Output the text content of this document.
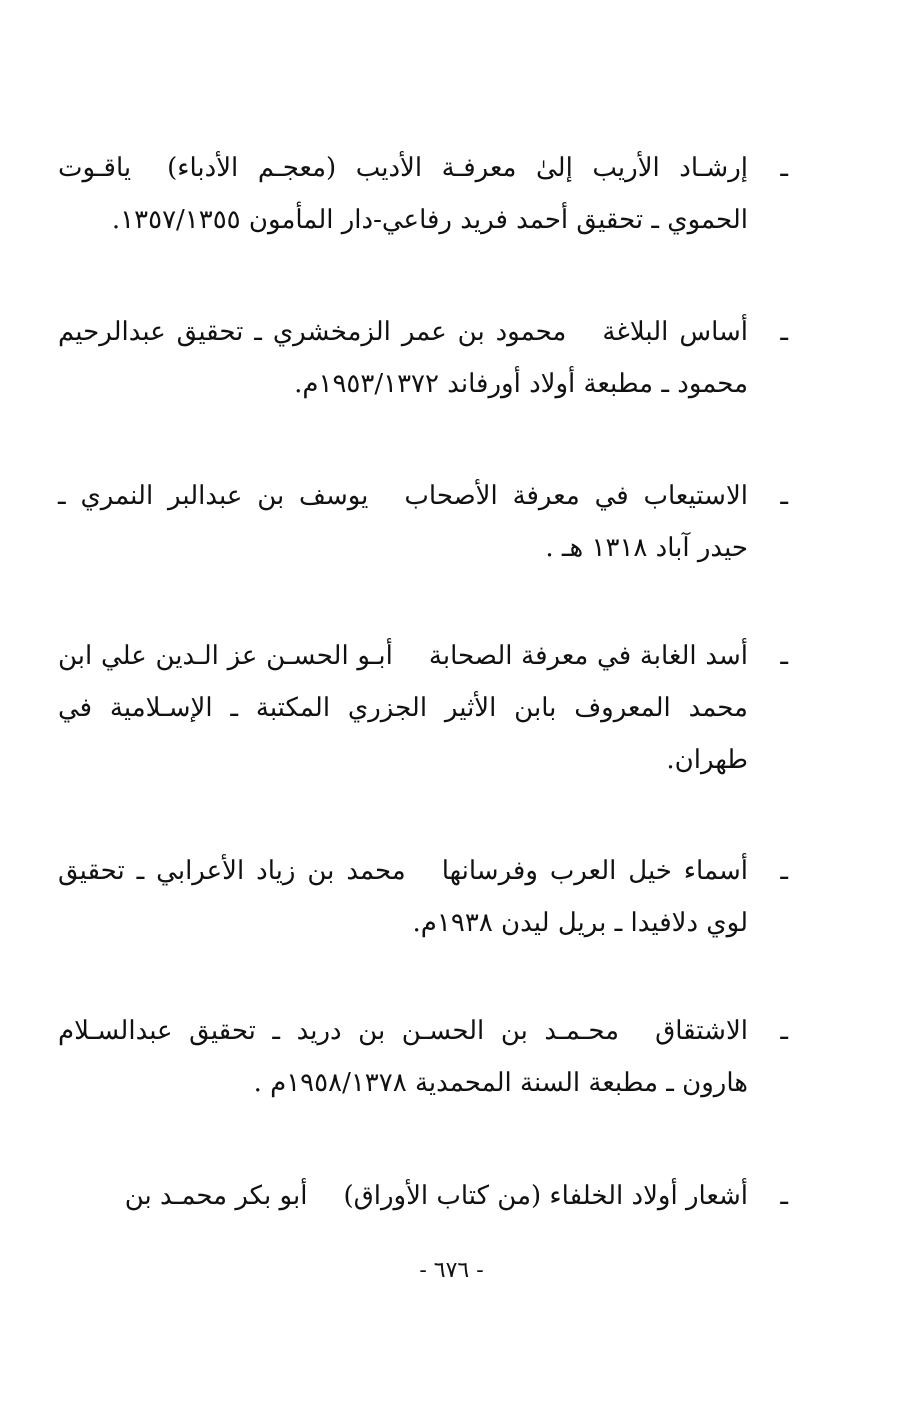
ـ
إرشـاد الأريب إلىٰ معرفـة الأديب (معجـم الأدباء)ياقـوت الحموي ـ تحقيق أحمد فريد رفاعي-دار المأمون ١٣٥٧/١٣٥٥.
ـ
أساس البلاغةمحمود بن عمر الزمخشري ـ تحقيق عبدالرحيم محمود ـ مطبعة أولاد أورفاند ١٩٥٣/١٣٧٢م.
ـ
الاستيعاب في معرفة الأصحابيوسف بن عبدالبر النمري ـ حيدر آباد ١٣١٨ هـ .
ـ
أسد الغابة في معرفة الصحابةأبـو الحسـن عز الـدين علي ابن محمد المعروف بابن الأثير الجزري المكتبة ـ الإسـلامية في طهران.
ـ
أسماء خيل العرب وفرسانهامحمد بن زياد الأعرابي ـ تحقيق لوي دلافيدا ـ بريل ليدن ١٩٣٨م.
ـ
الاشتقاقمحـمـد بن الحسـن بن دريد ـ تحقيق عبدالسـلام هارون ـ مطبعة السنة المحمدية ١٩٥٨/١٣٧٨م .
ـ
أشعار أولاد الخلفاء (من كتاب الأوراق)أبو بكر محمـد بن
- ٦٧٦ -
